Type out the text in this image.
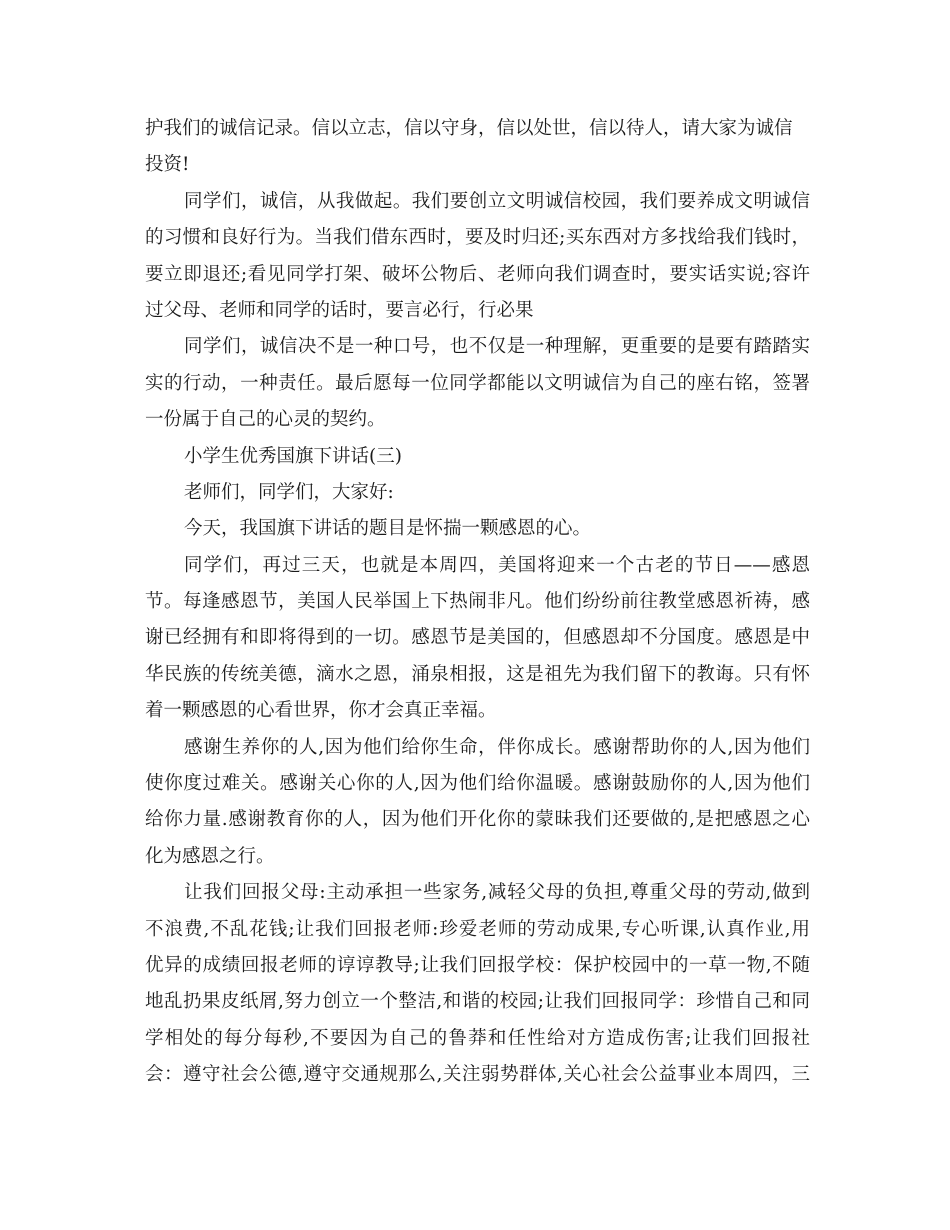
护我们的诚信记录。信以立志，信以守身，信以处世，信以待人，请大家为诚信
投资!
同学们，诚信，从我做起。我们要创立文明诚信校园，我们要养成文明诚信
的习惯和良好行为。当我们借东西时，要及时归还;买东西对方多找给我们钱时，
要立即退还;看见同学打架、破坏公物后、老师向我们调查时，要实话实说;容许
过父母、老师和同学的话时，要言必行，行必果
同学们，诚信决不是一种口号，也不仅是一种理解，更重要的是要有踏踏实
实的行动，一种责任。最后愿每一位同学都能以文明诚信为自己的座右铭，签署
一份属于自己的心灵的契约。
小学生优秀国旗下讲话(三)
老师们，同学们，大家好:
今天，我国旗下讲话的题目是怀揣一颗感恩的心。
同学们，再过三天，也就是本周四，美国将迎来一个古老的节日——感恩
节。每逢感恩节，美国人民举国上下热闹非凡。他们纷纷前往教堂感恩祈祷，感
谢已经拥有和即将得到的一切。感恩节是美国的，但感恩却不分国度。感恩是中
华民族的传统美德，滴水之恩，涌泉相报，这是祖先为我们留下的教诲。只有怀
着一颗感恩的心看世界，你才会真正幸福。
感谢生养你的人,因为他们给你生命，伴你成长。感谢帮助你的人,因为他们
使你度过难关。感谢关心你的人,因为他们给你温暖。感谢鼓励你的人,因为他们
给你力量.感谢教育你的人，因为他们开化你的蒙昧我们还要做的,是把感恩之心
化为感恩之行。
让我们回报父母:主动承担一些家务,减轻父母的负担,尊重父母的劳动,做到
不浪费,不乱花钱;让我们回报老师:珍爱老师的劳动成果,专心听课,认真作业,用
优异的成绩回报老师的谆谆教导;让我们回报学校：保护校园中的一草一物,不随
地乱扔果皮纸屑,努力创立一个整洁,和谐的校园;让我们回报同学：珍惜自己和同
学相处的每分每秒,不要因为自己的鲁莽和任性给对方造成伤害;让我们回报社
会：遵守社会公德,遵守交通规那么,关注弱势群体,关心社会公益事业本周四，三
